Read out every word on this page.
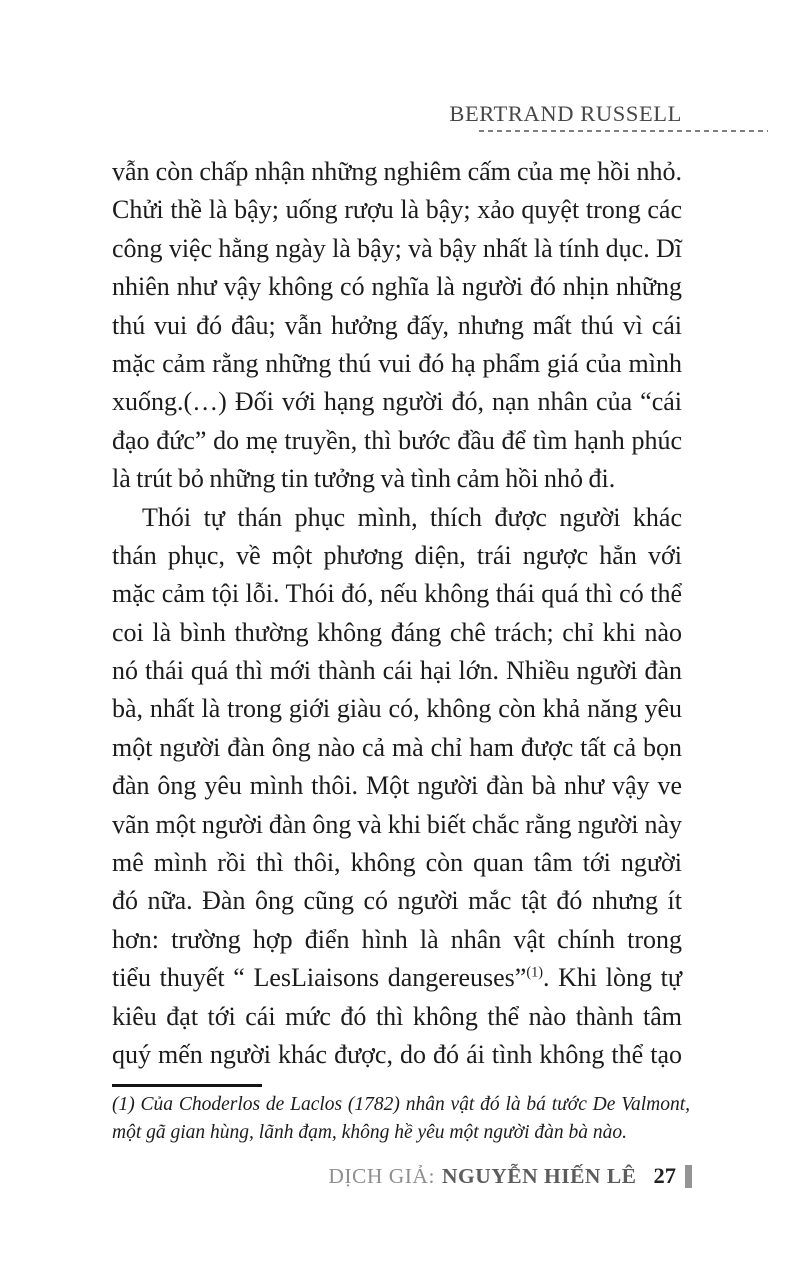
BERTRAND RUSSELL
vẫn còn chấp nhận những nghiêm cấm của mẹ hồi nhỏ.
Chửi thề là bậy; uống rượu là bậy; xảo quyệt trong các
công việc hằng ngày là bậy; và bậy nhất là tính dục. Dĩ
nhiên như vậy không có nghĩa là người đó nhịn những
thú vui đó đâu; vẫn hưởng đấy, nhưng mất thú vì cái
mặc cảm rằng những thú vui đó hạ phẩm giá của mình
xuống.(…) Đối với hạng người đó, nạn nhân của “cái
đạo đức” do mẹ truyền, thì bước đầu để tìm hạnh phúc
là trút bỏ những tin tưởng và tình cảm hồi nhỏ đi.
Thói tự thán phục mình, thích được người khác
thán phục, về một phương diện, trái ngược hẳn với
mặc cảm tội lỗi. Thói đó, nếu không thái quá thì có thể
coi là bình thường không đáng chê trách; chỉ khi nào
nó thái quá thì mới thành cái hại lớn. Nhiều người đàn
bà, nhất là trong giới giàu có, không còn khả năng yêu
một người đàn ông nào cả mà chỉ ham được tất cả bọn
đàn ông yêu mình thôi. Một người đàn bà như vậy ve
vãn một người đàn ông và khi biết chắc rằng người này
mê mình rồi thì thôi, không còn quan tâm tới người
đó nữa. Đàn ông cũng có người mắc tật đó nhưng ít
hơn: trường hợp điển hình là nhân vật chính trong
tiểu thuyết “ LesLiaisons dangereuses”$^{(1)}$. Khi lòng tự
kiêu đạt tới cái mức đó thì không thể nào thành tâm
quý mến người khác được, do đó ái tình không thể tạo
(1) Của Choderlos de Laclos (1782) nhân vật đó là bá tước De Valmont,
một gã gian hùng, lãnh đạm, không hề yêu một người đàn bà nào.
DỊCH GIẢ: NGUYỄN HIẾN LÊ 27
